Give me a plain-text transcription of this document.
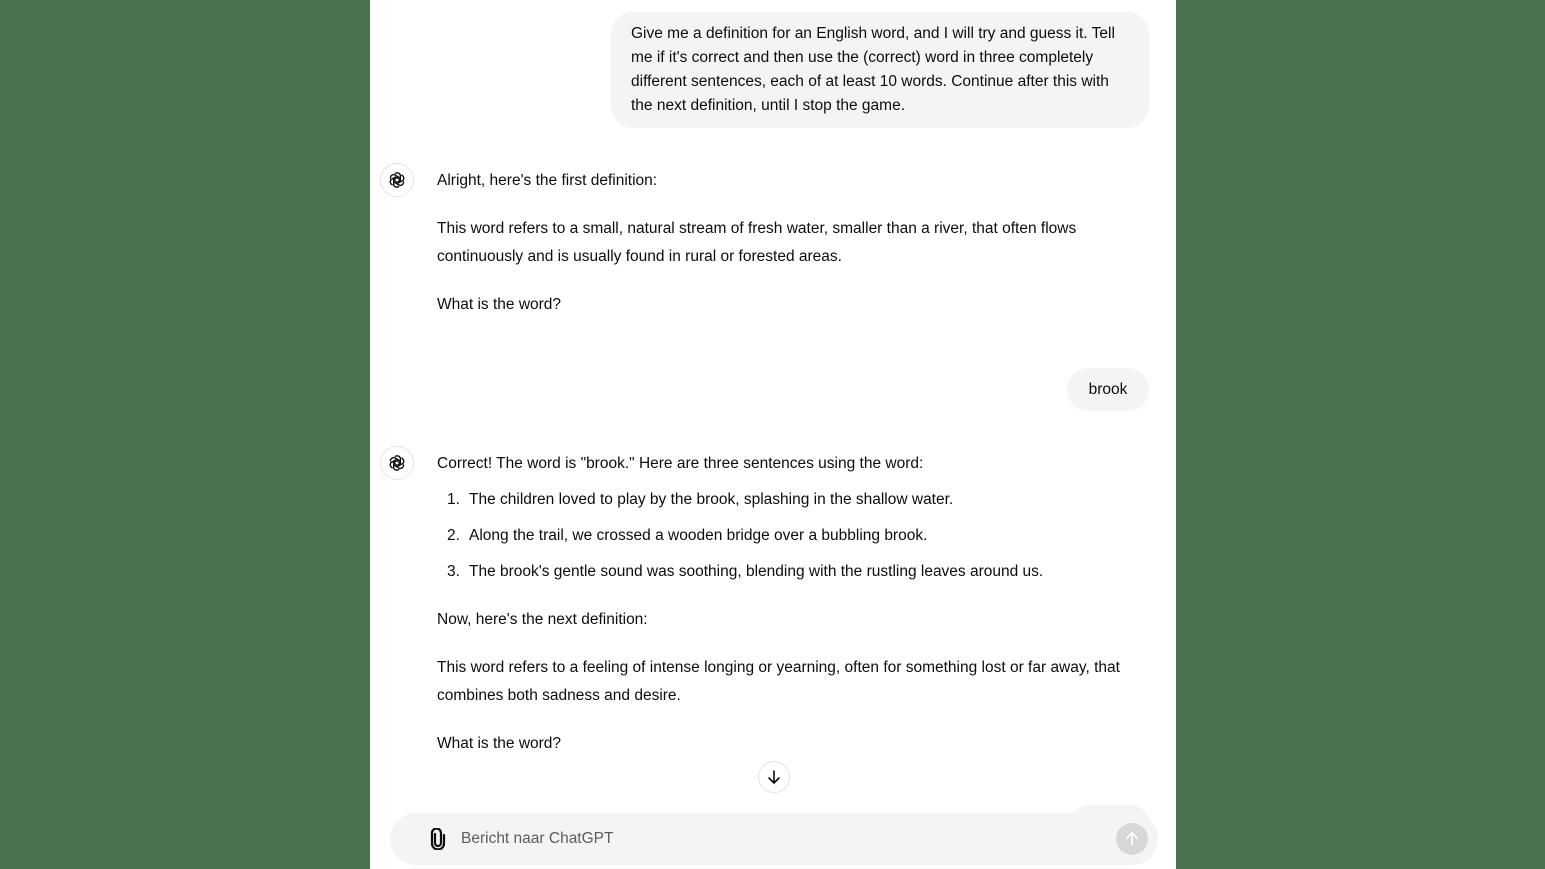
Give me a definition for an English word, and I will try and guess it. Tell me if it's correct and then use the (correct) word in three completely different sentences, each of at least 10 words. Continue after this with the next definition, until I stop the game.

Alright, here's the first definition:

This word refers to a small, natural stream of fresh water, smaller than a river, that often flows continuously and is usually found in rural or forested areas.

What is the word?

brook

Correct! The word is "brook." Here are three sentences using the word:

1. The children loved to play by the brook, splashing in the shallow water.
2. Along the trail, we crossed a wooden bridge over a bubbling brook.
3. The brook's gentle sound was soothing, blending with the rustling leaves around us.

Now, here's the next definition:

This word refers to a feeling of intense longing or yearning, often for something lost or far away, that combines both sadness and desire.

What is the word?

Bericht naar ChatGPT
